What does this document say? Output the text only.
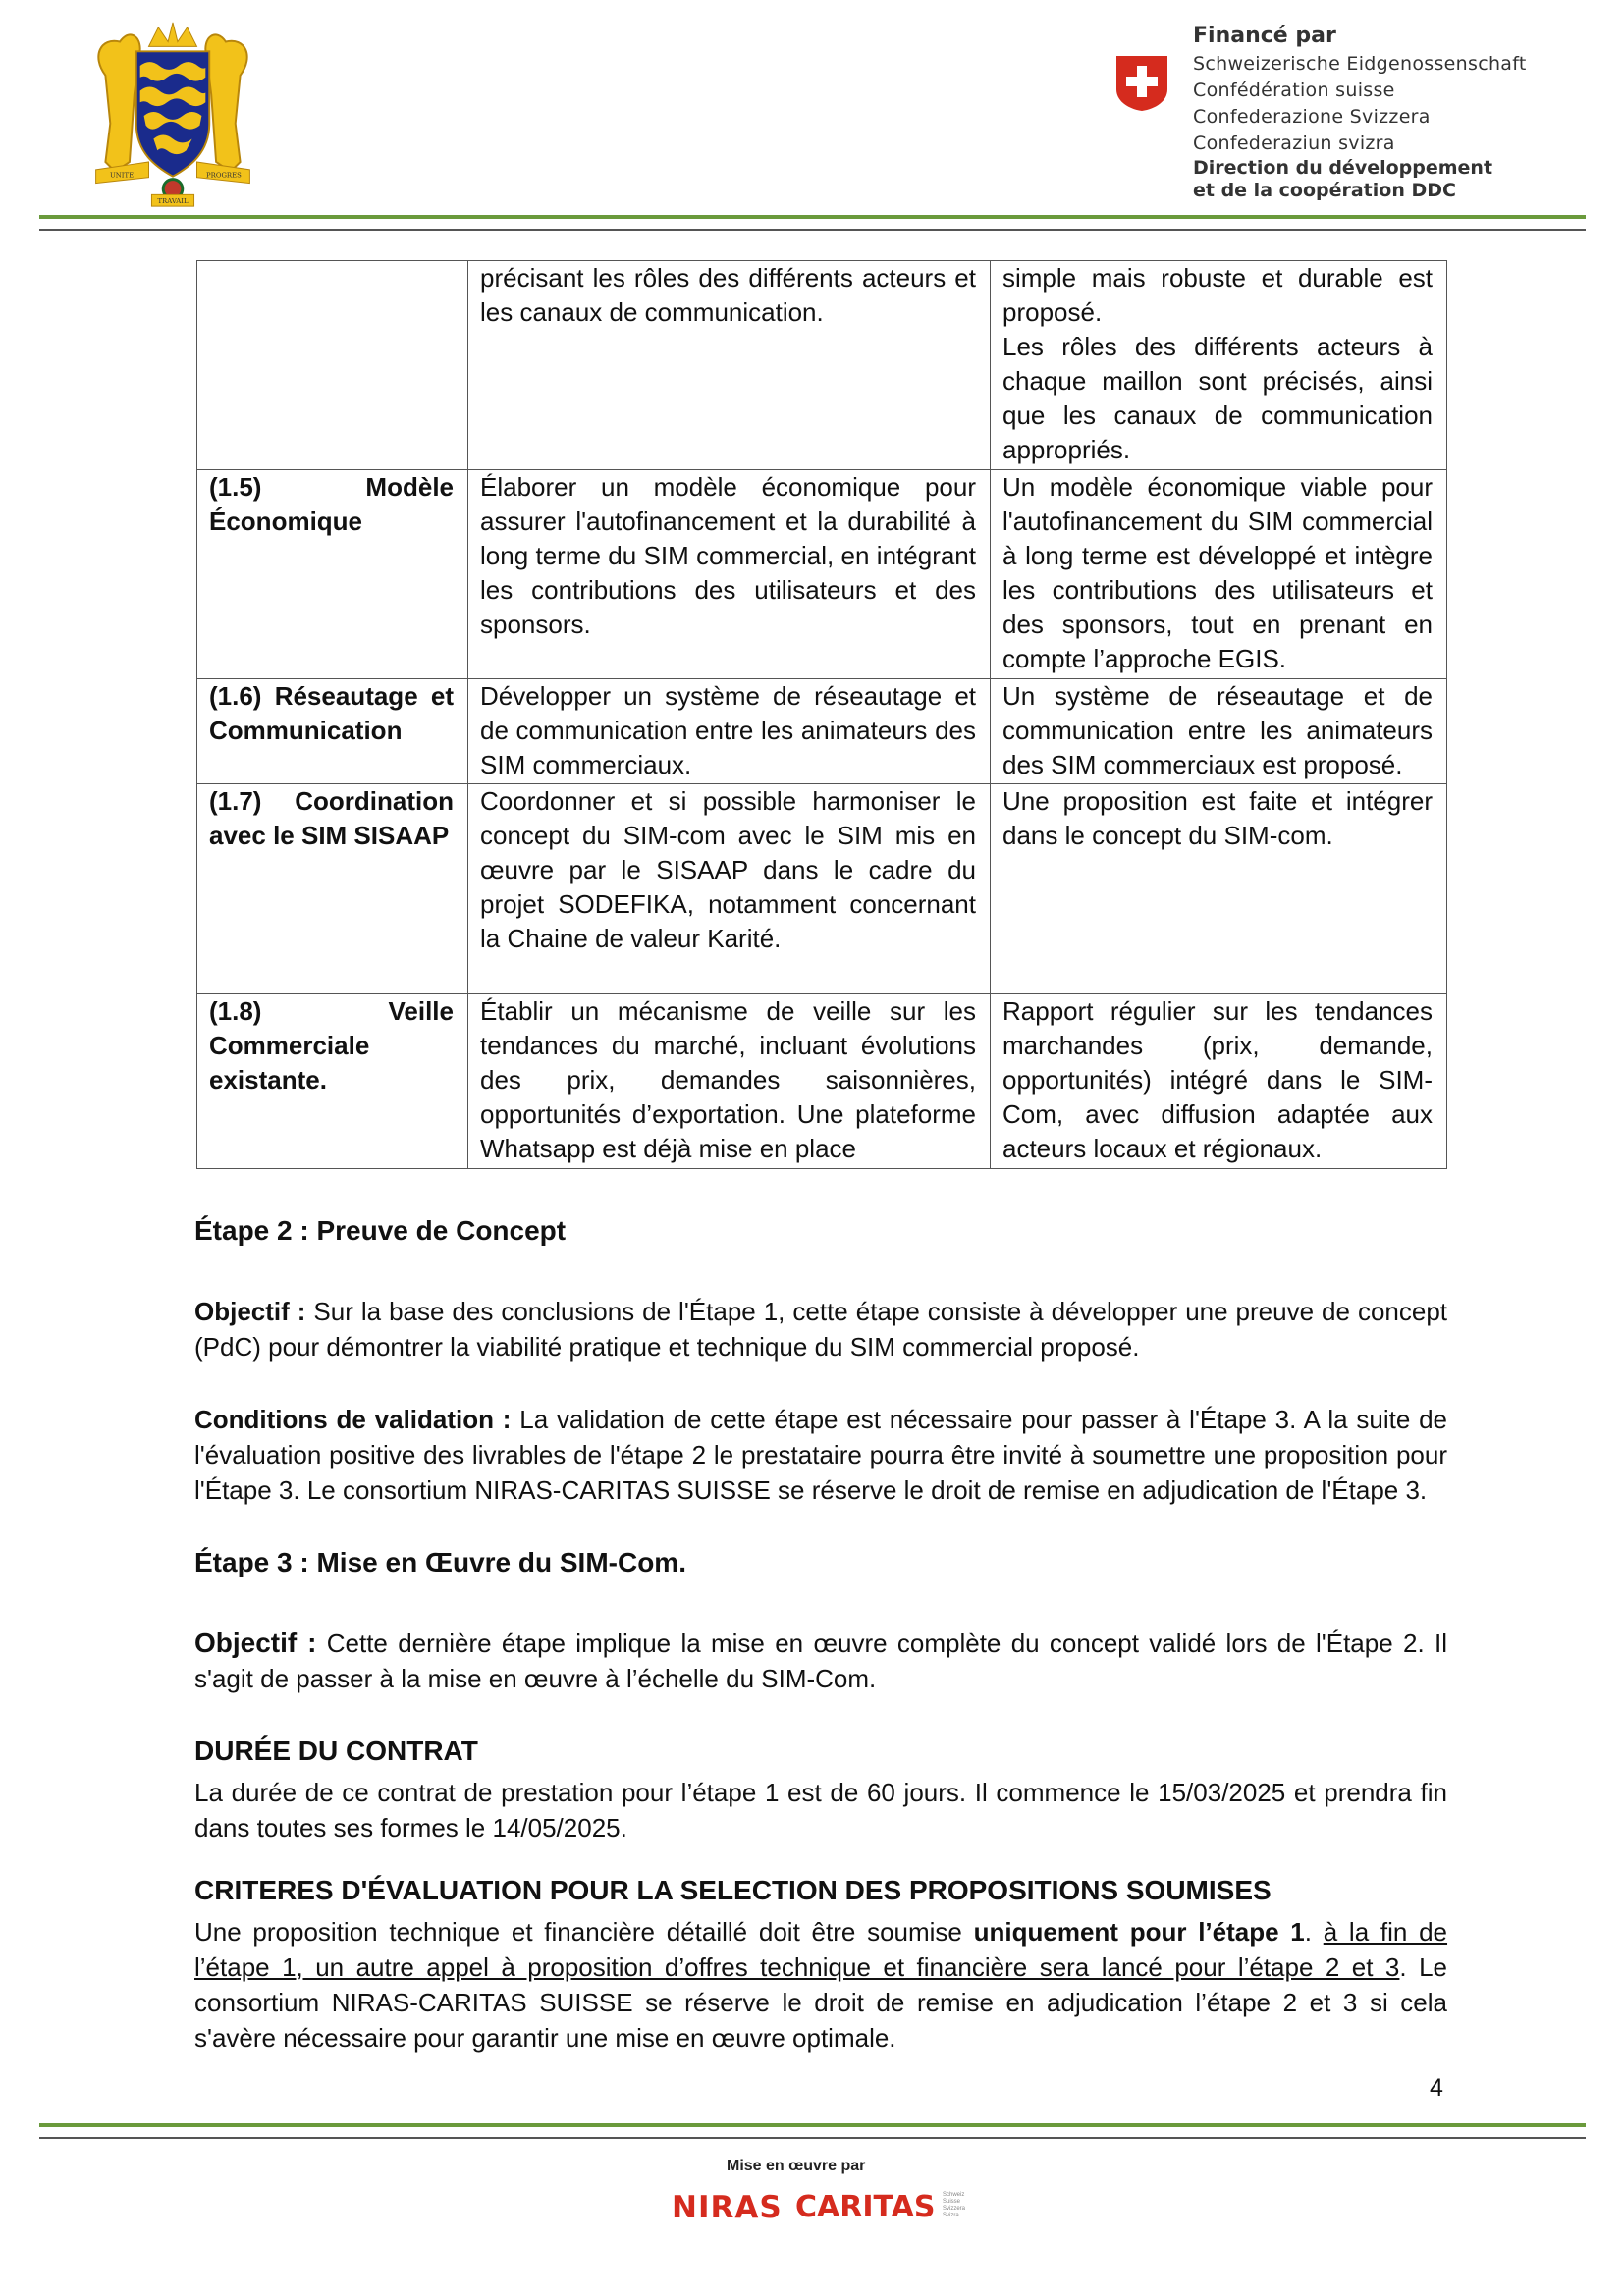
UNITE	PROGRES
TRAVAIL
Financé par
Schweizerische Eidgenossenschaft
Confédération suisse
Confederazione Svizzera
Confederaziun svizra
Direction du développement
et de la coopération DDC

	précisant les rôles des différents acteurs et les canaux de communication.	simple mais robuste et durable est proposé.

Les rôles des différents acteurs à chaque maillon sont précisés, ainsi que les canaux de communication appropriés.

(1.5) Modèle Économique	Élaborer un modèle économique pour assurer l'autofinancement et la durabilité à long terme du SIM commercial, en intégrant les contributions des utilisateurs et des sponsors.	Un modèle économique viable pour l'autofinancement du SIM commercial à long terme est développé et intègre les contributions des utilisateurs et des sponsors, tout en prenant en compte l’approche EGIS.

(1.6) Réseautage et Communication	Développer un système de réseautage et de communication entre les animateurs des SIM commerciaux.	Un système de réseautage et de communication entre les animateurs des SIM commerciaux est proposé.

(1.7) Coordination avec le SIM SISAAP	Coordonner et si possible harmoniser le concept du SIM-com avec le SIM mis en œuvre par le SISAAP dans le cadre du projet SODEFIKA, notamment concernant la Chaine de valeur Karité.	Une proposition est faite et intégrer dans le concept du SIM-com.

(1.8) Veille Commerciale existante.	Établir un mécanisme de veille sur les tendances du marché, incluant évolutions des prix, demandes saisonnières, opportunités d’exportation. Une plateforme Whatsapp est déjà mise en place	Rapport régulier sur les tendances marchandes (prix, demande, opportunités) intégré dans le SIM-Com, avec diffusion adaptée aux acteurs locaux et régionaux.

Étape 2 : Preuve de Concept
Objectif : Sur la base des conclusions de l'Étape 1, cette étape consiste à développer une preuve de concept (PdC) pour démontrer la viabilité pratique et technique du SIM commercial proposé.
Conditions de validation : La validation de cette étape est nécessaire pour passer à l'Étape 3. A la suite de l'évaluation positive des livrables de l'étape 2 le prestataire pourra être invité à soumettre une proposition pour l'Étape 3. Le consortium NIRAS-CARITAS SUISSE se réserve le droit de remise en adjudication de l'Étape 3.
Étape 3 : Mise en Œuvre du SIM-Com.
Objectif : Cette dernière étape implique la mise en œuvre complète du concept validé lors de l'Étape 2. Il s'agit de passer à la mise en œuvre à l’échelle du SIM-Com.
DURÉE DU CONTRAT
La durée de ce contrat de prestation pour l’étape 1 est de 60 jours. Il commence le 15/03/2025 et prendra fin dans toutes ses formes le 14/05/2025.
CRITERES D'ÉVALUATION POUR LA SELECTION DES PROPOSITIONS SOUMISES
Une proposition technique et financière détaillé doit être soumise uniquement pour l’étape 1. à la fin de l’étape 1, un autre appel à proposition d’offres technique et financière sera lancé pour l’étape 2 et 3. Le consortium NIRAS-CARITAS SUISSE se réserve le droit de remise en adjudication l’étape 2 et 3 si cela s'avère nécessaire pour garantir une mise en œuvre optimale.
4
Mise en œuvre par
NIRAS CARITAS Schweiz
Suisse
Svizzera
Svizra
